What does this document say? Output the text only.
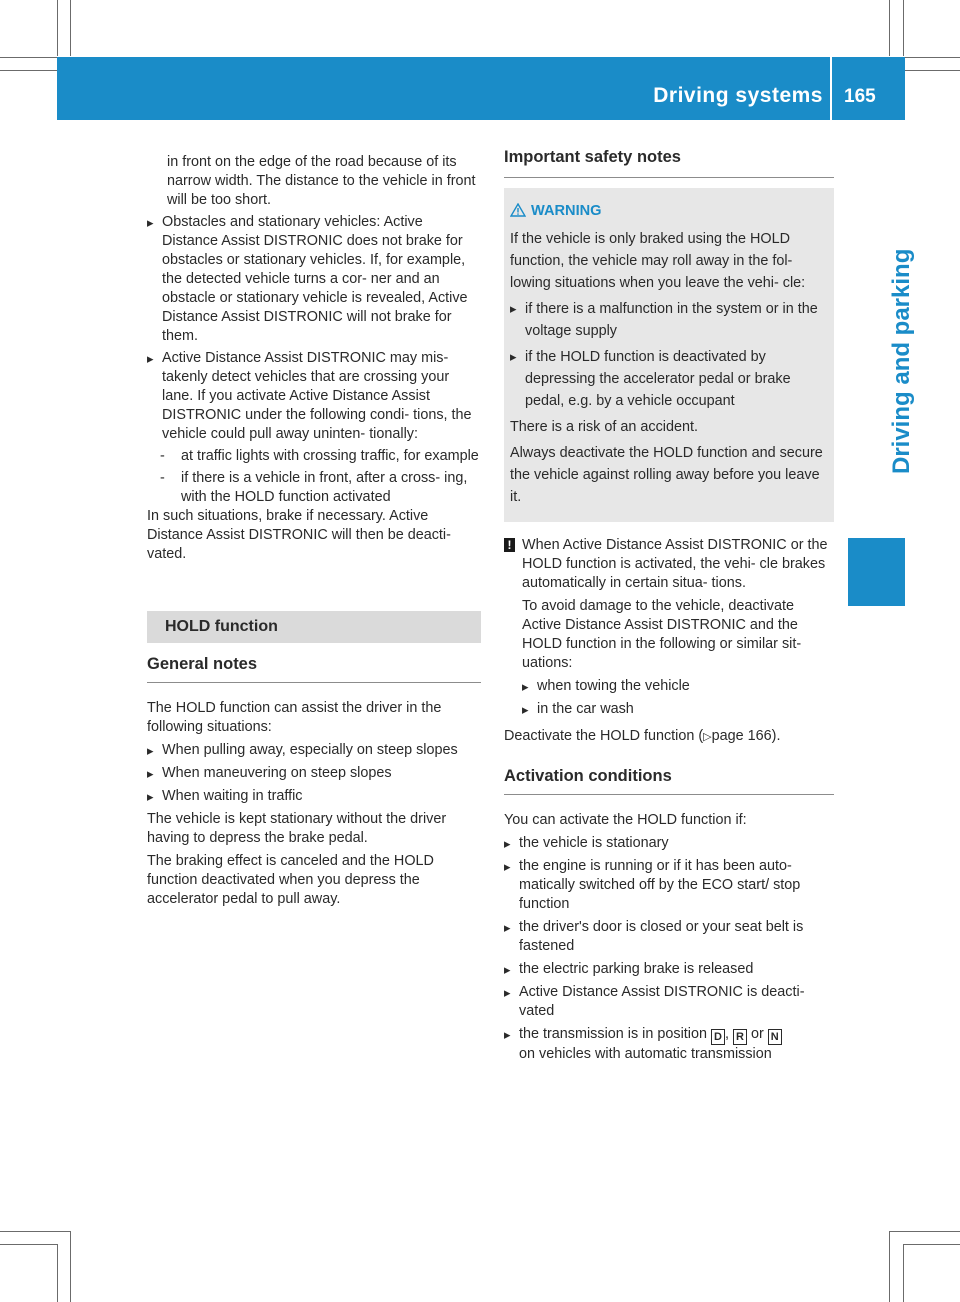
Driving systems 165
Driving and parking

in front on the edge of the road because of its narrow width. The distance to the vehicle in front will be too short.

▸ Obstacles and stationary vehicles: Active Distance Assist DISTRONIC does not brake for obstacles or stationary vehicles. If, for example, the detected vehicle turns a cor- ner and an obstacle or stationary vehicle is revealed, Active Distance Assist DISTRONIC will not brake for them.
▸ Active Distance Assist DISTRONIC may mis- takenly detect vehicles that are crossing your lane. If you activate Active Distance Assist DISTRONIC under the following condi- tions, the vehicle could pull away uninten- tionally:
- at traffic lights with crossing traffic, for example
- if there is a vehicle in front, after a cross- ing, with the HOLD function activated

In such situations, brake if necessary. Active Distance Assist DISTRONIC will then be deacti- vated.

HOLD function
General notes

The HOLD function can assist the driver in the following situations:

▸ When pulling away, especially on steep slopes
▸ When maneuvering on steep slopes
▸ When waiting in traffic

The vehicle is kept stationary without the driver having to depress the brake pedal.

The braking effect is canceled and the HOLD function deactivated when you depress the accelerator pedal to pull away.

Important safety notes
WARNING

If the vehicle is only braked using the HOLD function, the vehicle may roll away in the fol- lowing situations when you leave the vehi- cle:

▸ if there is a malfunction in the system or in the voltage supply
▸ if the HOLD function is deactivated by depressing the accelerator pedal or brake pedal, e.g. by a vehicle occupant

There is a risk of an accident.

Always deactivate the HOLD function and secure the vehicle against rolling away before you leave it.

! When Active Distance Assist DISTRONIC or the HOLD function is activated, the vehi- cle brakes automatically in certain situa- tions.

To avoid damage to the vehicle, deactivate Active Distance Assist DISTRONIC and the HOLD function in the following or similar sit- uations:

▸ when towing the vehicle
▸ in the car wash

Deactivate the HOLD function (▷page 166).

Activation conditions

You can activate the HOLD function if:

▸ the vehicle is stationary
▸ the engine is running or if it has been auto- matically switched off by the ECO start/ stop function
▸ the driver's door is closed or your seat belt is fastened
▸ the electric parking brake is released
▸ Active Distance Assist DISTRONIC is deacti- vated
▸ the transmission is in position D , R or N
on vehicles with automatic transmission
